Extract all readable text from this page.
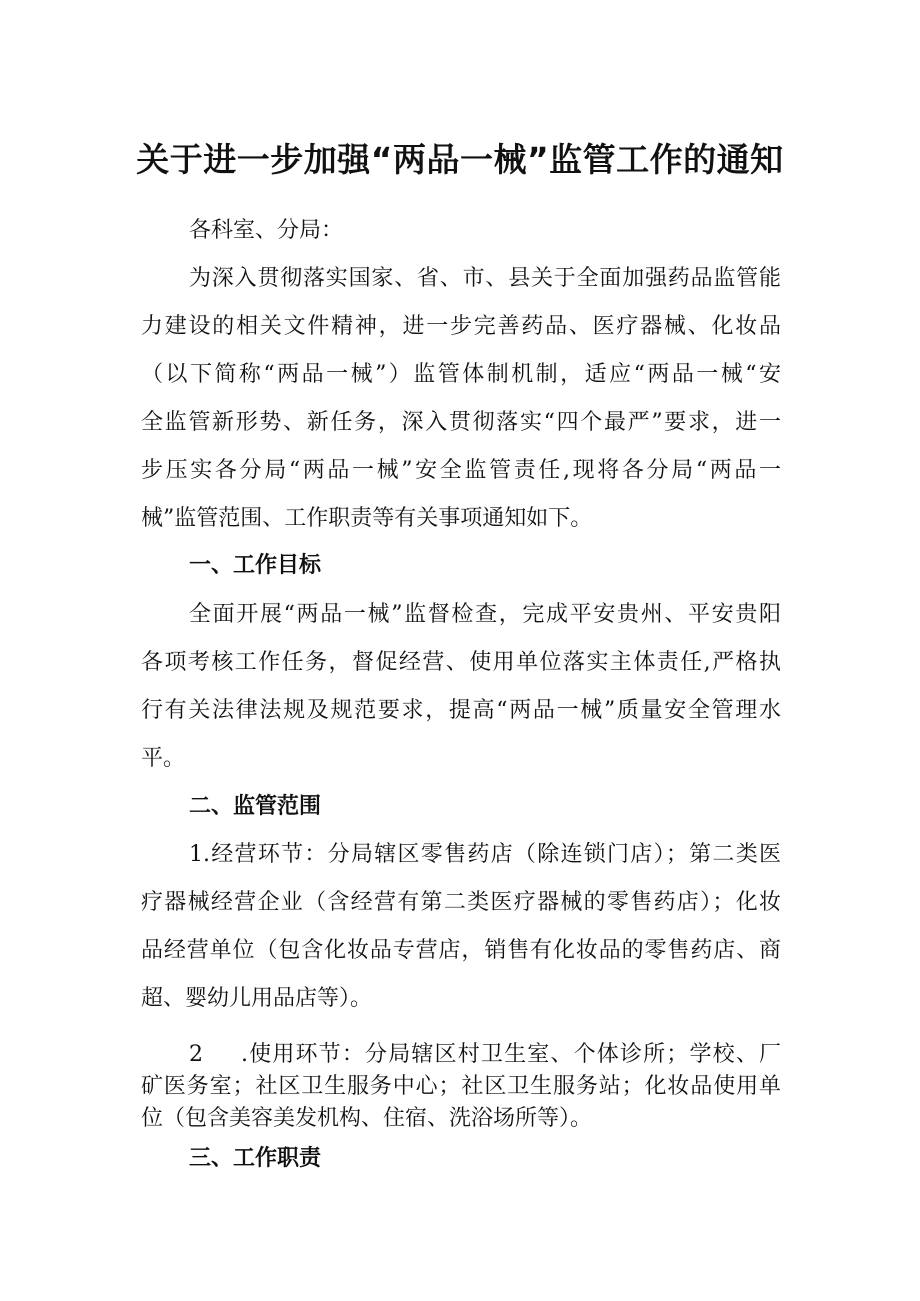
关于进一步加强“两品一械”监管工作的通知

各科室、分局：

为深入贯彻落实国家、省、市、县关于全面加强药品监管能

力建设的相关文件精神，进一步完善药品、医疗器械、化妆品

（以下简称“两品一械”）监管体制机制，适应“两品一械“安

全监管新形势、新任务，深入贯彻落实“四个最严”要求，进一

步压实各分局“两品一械”安全监管责任,现将各分局“两品一

械”监管范围、工作职责等有关事项通知如下。

一、工作目标

全面开展“两品一械”监督检查，完成平安贵州、平安贵阳

各项考核工作任务，督促经营、使用单位落实主体责任,严格执

行有关法律法规及规范要求，提高“两品一械”质量安全管理水

平。

二、监管范围

1.经营环节：分局辖区零售药店（除连锁门店）；第二类医

疗器械经营企业（含经营有第二类医疗器械的零售药店）；化妆

品经营单位（包含化妆品专营店，销售有化妆品的零售药店、商

超、婴幼儿用品店等）。

2 .使用环节：分局辖区村卫生室、个体诊所；学校、厂

矿医务室；社区卫生服务中心；社区卫生服务站；化妆品使用单

位（包含美容美发机构、住宿、洗浴场所等）。

三、工作职责
